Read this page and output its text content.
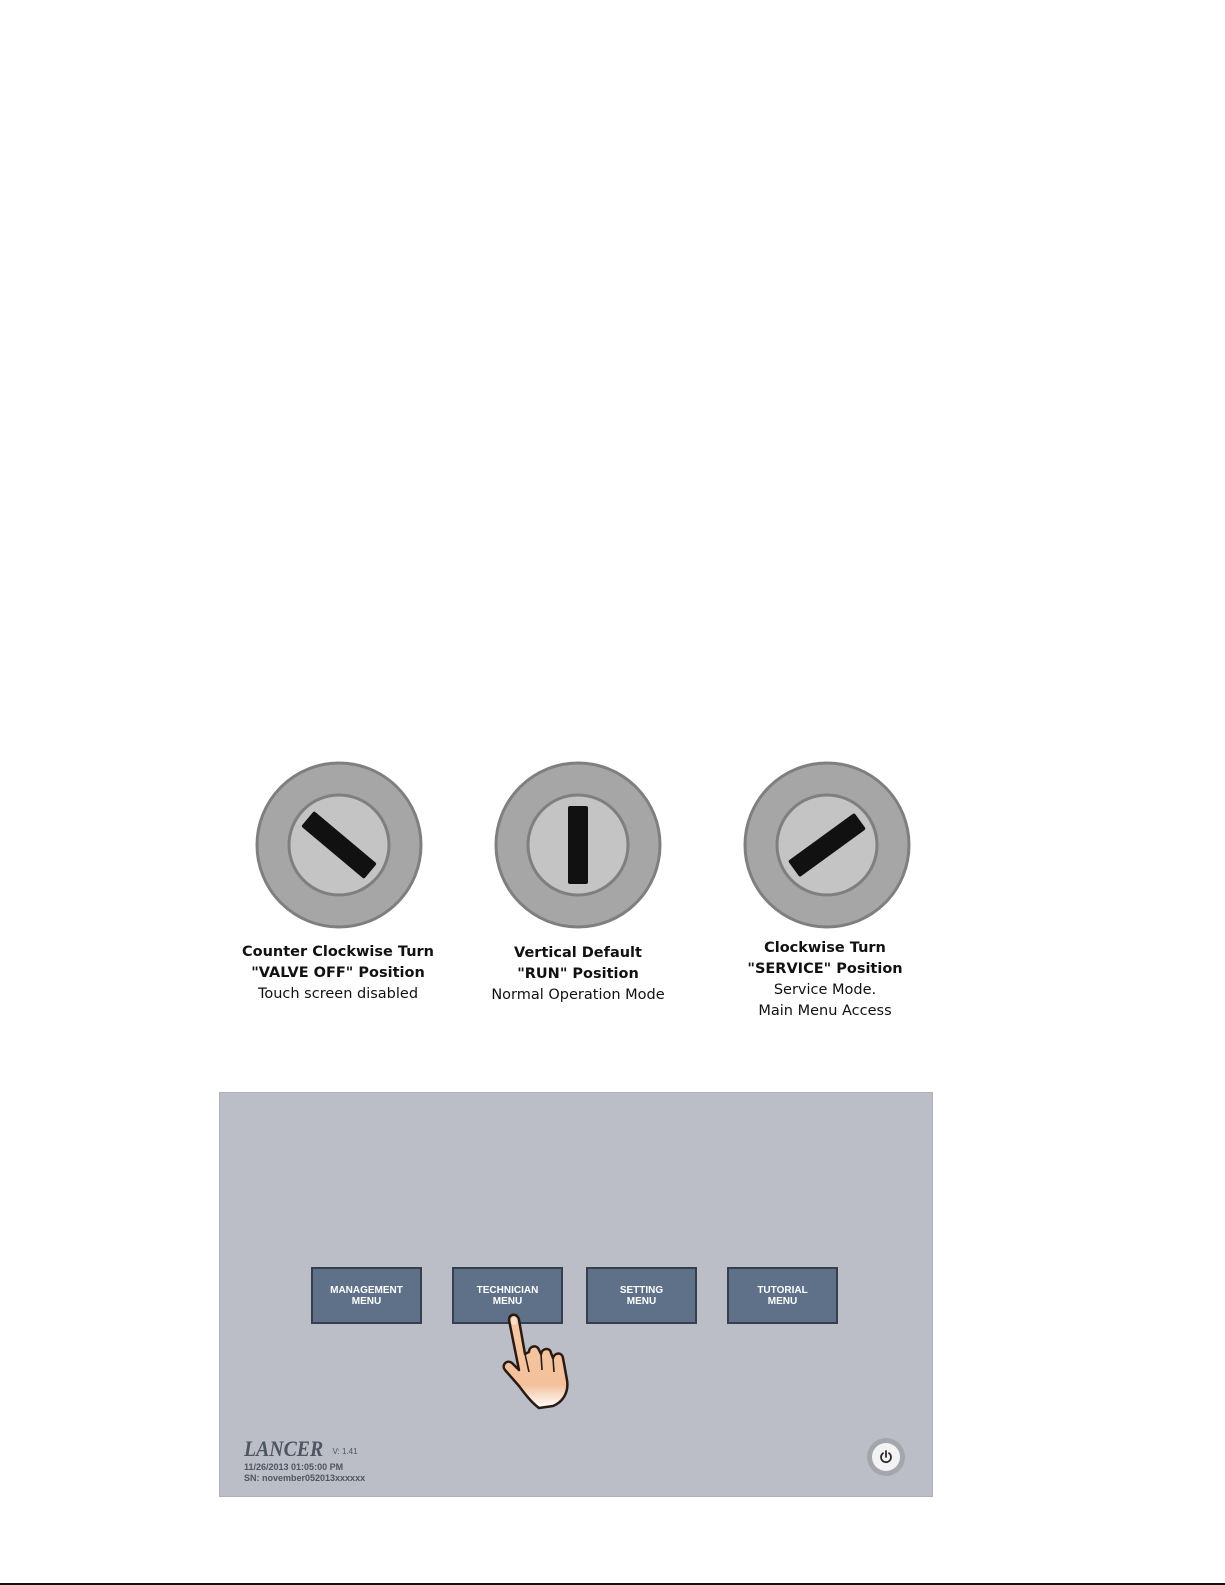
Counter Clockwise Turn
"VALVE OFF" Position
Touch screen disabled
Vertical Default
"RUN" Position
Normal Operation Mode
Clockwise Turn
"SERVICE" Position
Service Mode.
Main Menu Access
MANAGEMENT
MENU
TECHNICIAN
MENU
SETTING
MENU
TUTORIAL
MENU
LANCER V: 1.41
11/26/2013 01:05:00 PM
SN: november052013xxxxxx
